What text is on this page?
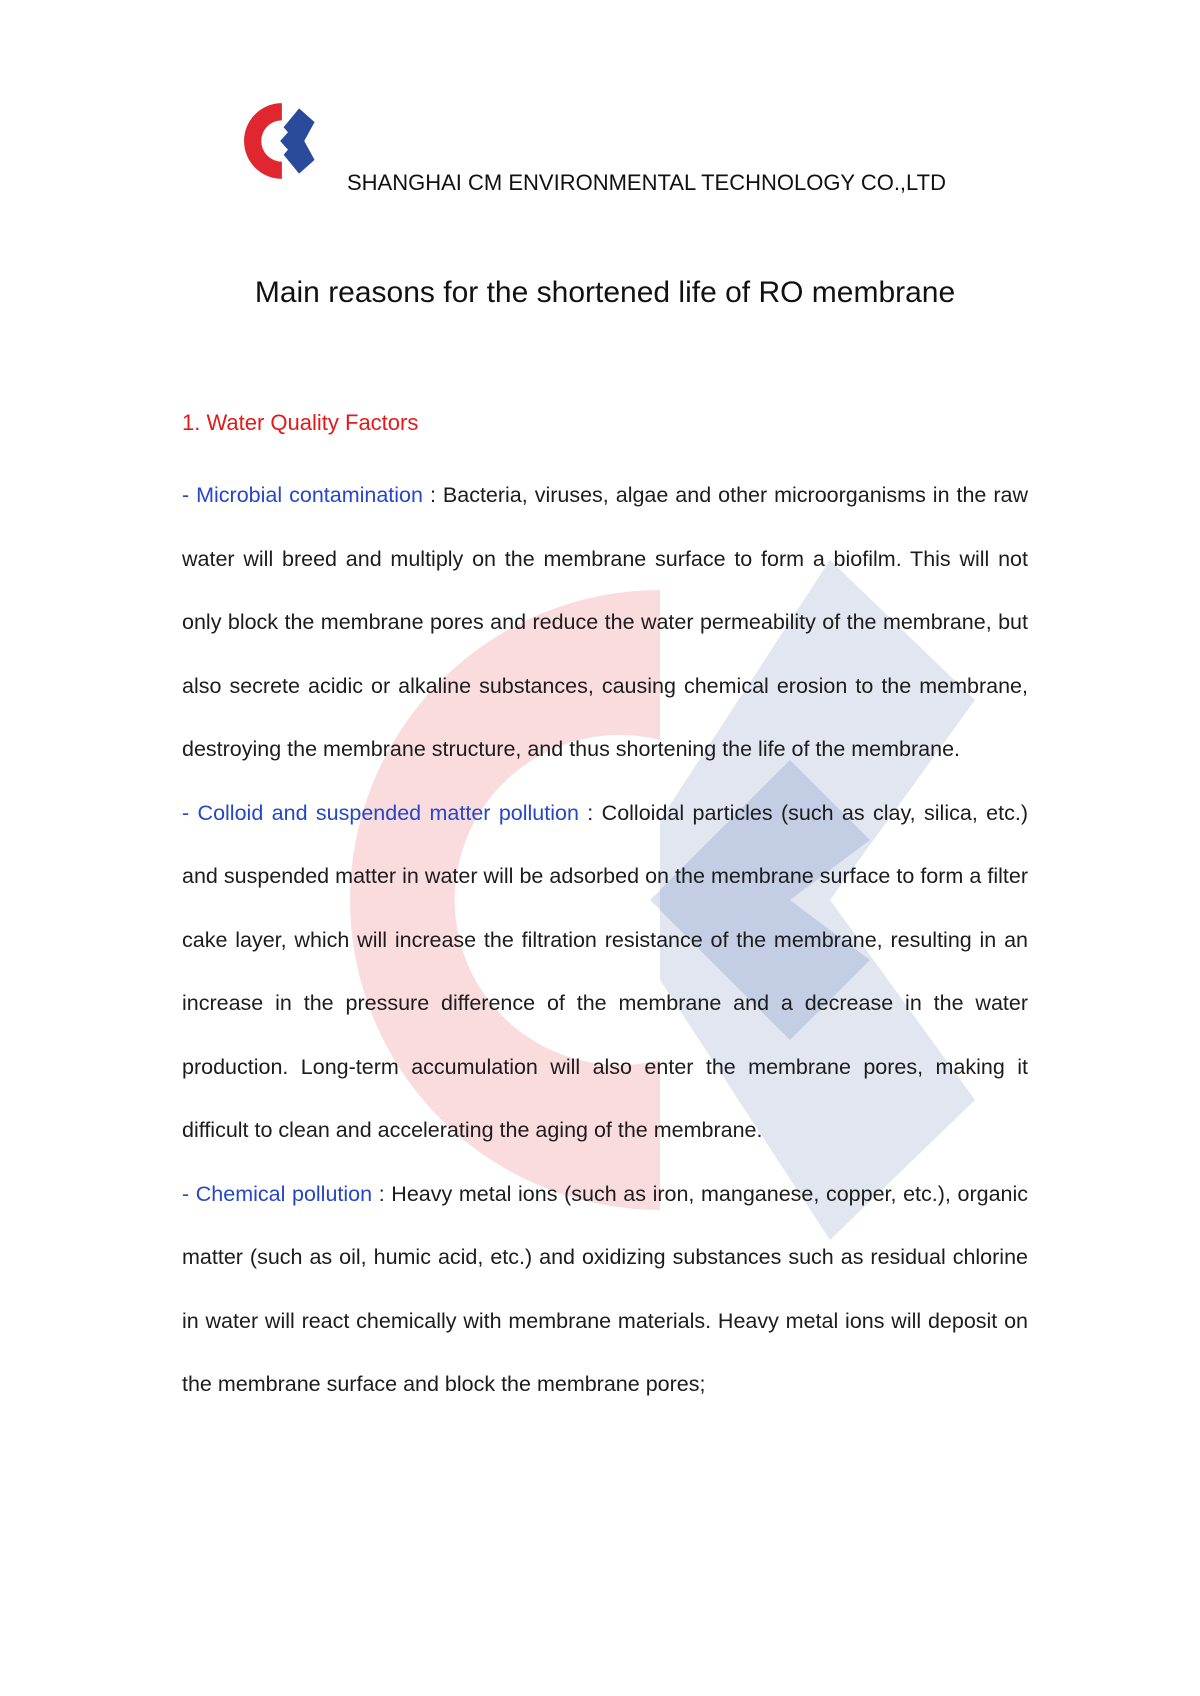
SHANGHAI CM ENVIRONMENTAL TECHNOLOGY CO.,LTD
Main reasons for the shortened life of RO membrane
1. Water Quality Factors

- Microbial contamination : Bacteria, viruses, algae and other microorganisms in the raw water will breed and multiply on the membrane surface to form a biofilm. This will not only block the membrane pores and reduce the water permeability of the membrane, but also secrete acidic or alkaline substances, causing chemical erosion to the membrane, destroying the membrane structure, and thus shortening the life of the membrane.

- Colloid and suspended matter pollution : Colloidal particles (such as clay, silica, etc.) and suspended matter in water will be adsorbed on the membrane surface to form a filter cake layer, which will increase the filtration resistance of the membrane, resulting in an increase in the pressure difference of the membrane and a decrease in the water production. Long-term accumulation will also enter the membrane pores, making it difficult to clean and accelerating the aging of the membrane.

- Chemical pollution : Heavy metal ions (such as iron, manganese, copper, etc.), organic matter (such as oil, humic acid, etc.) and oxidizing substances such as residual chlorine in water will react chemically with membrane materials. Heavy metal ions will deposit on the membrane surface and block the membrane pores;
